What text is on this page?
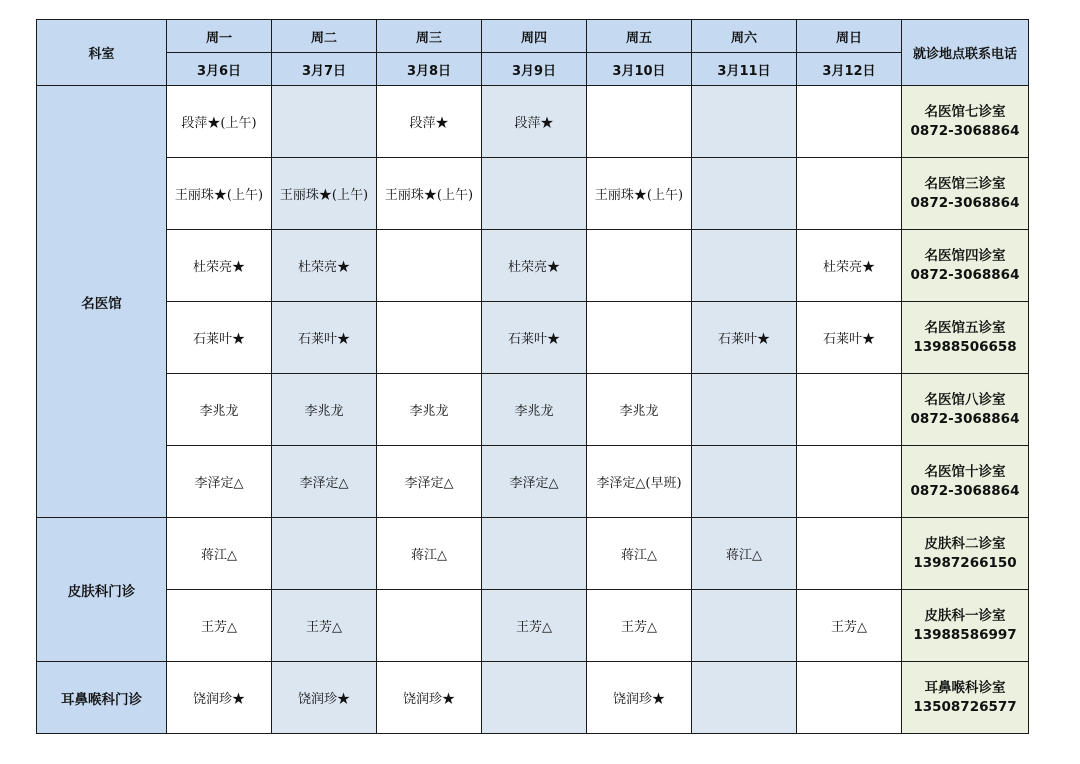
科室	周一	周二	周三	周四	周五	周六	周日	就诊地点联系电话
	3月6日	3月7日	3月8日	3月9日	3月10日	3月11日	3月12日	
名医馆	段萍★(上午)		段萍★	段萍★				名医馆七诊室
0872-3068864

	王丽珠★(上午)	王丽珠★(上午)	王丽珠★(上午)		王丽珠★(上午)			名医馆三诊室
0872-3068864

	杜荣亮★	杜荣亮★		杜荣亮★			杜荣亮★	名医馆四诊室
0872-3068864

	石莱叶★	石莱叶★		石莱叶★		石莱叶★	石莱叶★	名医馆五诊室
13988506658

	李兆龙	李兆龙	李兆龙	李兆龙	李兆龙			名医馆八诊室
0872-3068864

	李泽定△	李泽定△	李泽定△	李泽定△	李泽定△(早班)			名医馆十诊室
0872-3068864

皮肤科门诊	蒋江△		蒋江△		蒋江△	蒋江△		皮肤科二诊室
13987266150

	王芳△	王芳△		王芳△	王芳△		王芳△	皮肤科一诊室
13988586997

耳鼻喉科门诊	饶润珍★	饶润珍★	饶润珍★		饶润珍★			耳鼻喉科诊室
13508726577
